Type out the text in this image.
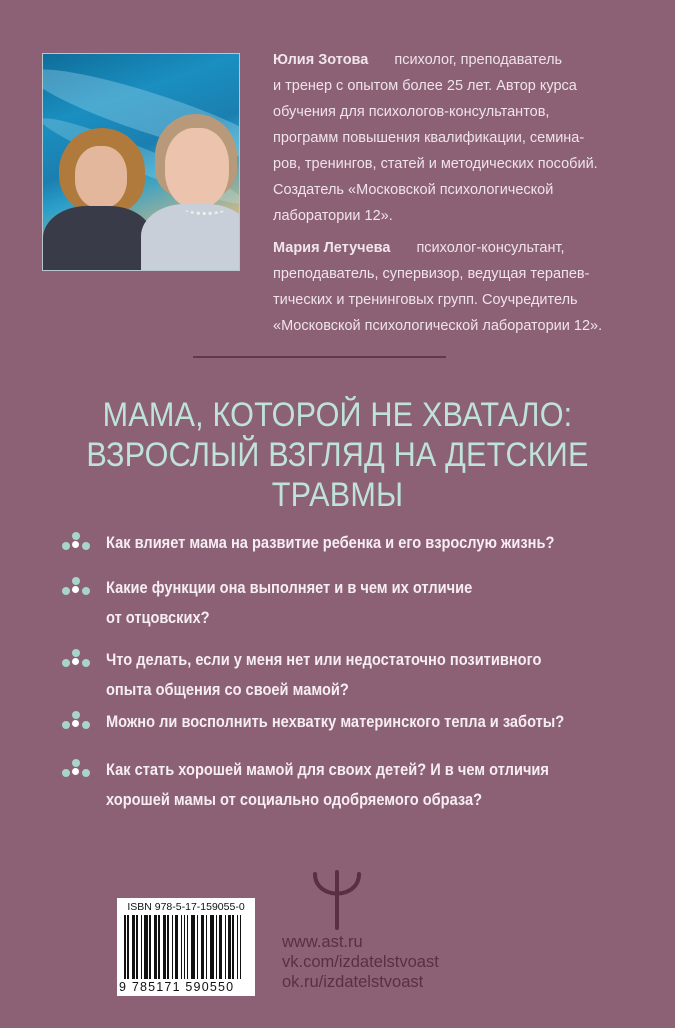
Юлия Зотова психолог, преподаватель
и тренер с опытом более 25 лет. Автор курса
обучения для психологов-консультантов,
программ повышения квалификации, семина-
ров, тренингов, статей и методических пособий.
Создатель «Московской психологической
лаборатории 12».
Мария Летучева психолог-консультант,
преподаватель, супервизор, ведущая терапев-
тических и тренинговых групп. Соучредитель
«Московской психологической лаборатории 12».
МАМА, КОТОРОЙ НЕ ХВАТАЛО:
ВЗРОСЛЫЙ ВЗГЛЯД НА ДЕТСКИЕ
ТРАВМЫ
Как влияет мама на развитие ребенка и его взрослую жизнь?
Какие функции она выполняет и в чем их отличие
от отцовских?
Что делать, если у меня нет или недостаточно позитивного
опыта общения со своей мамой?
Можно ли восполнить нехватку материнского тепла и заботы?
Как стать хорошей мамой для своих детей? И в чем отличия
хорошей мамы от социально одобряемого образа?
ISBN 978-5-17-159055-0
9 785171 590550
www.ast.ru
vk.com/izdatelstvoast
ok.ru/izdatelstvoast
